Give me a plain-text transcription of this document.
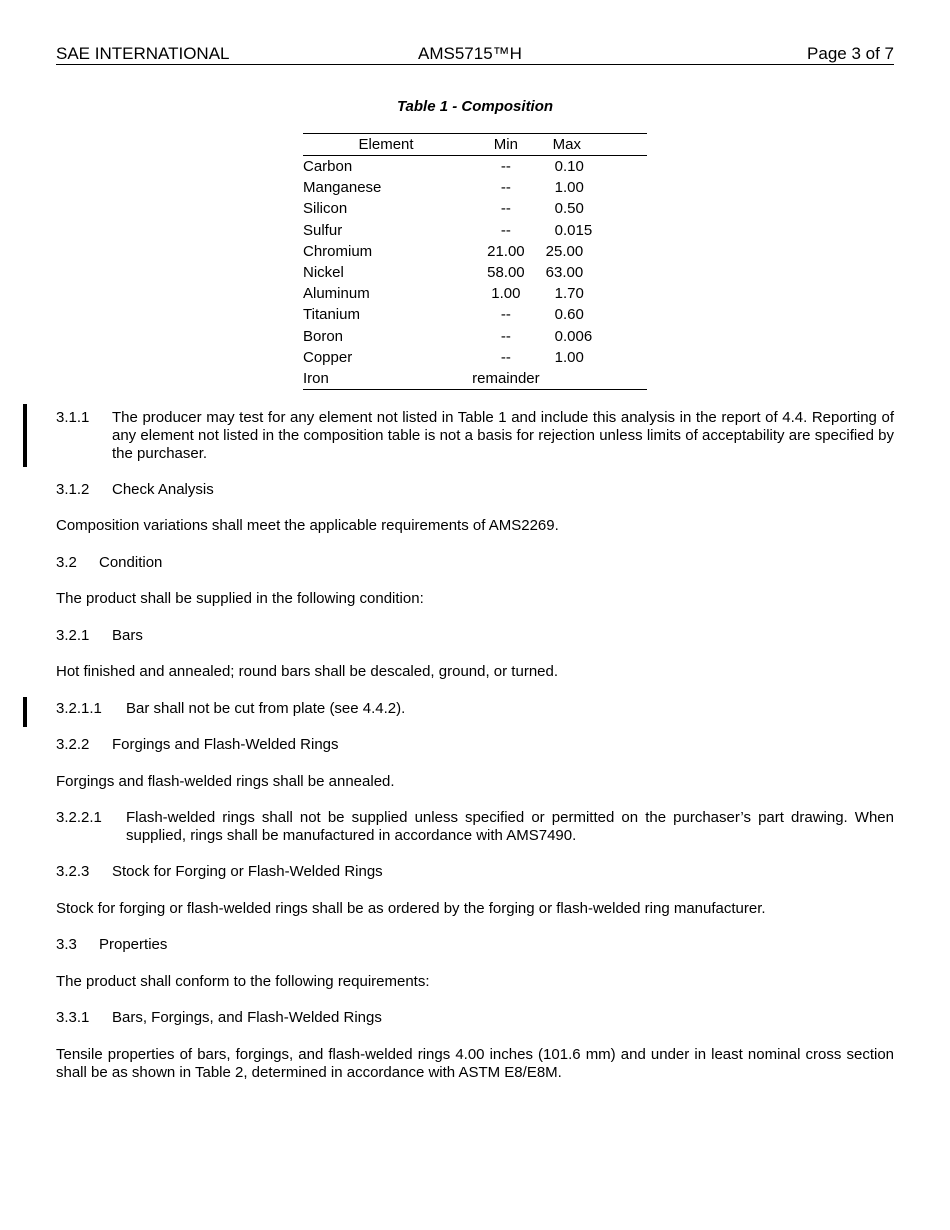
SAE INTERNATIONAL	AMS5715™H	Page 3 of 7
Table 1 - Composition
Element	Min	Max
Carbon	--	0.10
Manganese	--	1.00
Silicon	--	0.50
Sulfur	--	0.015
Chromium	21.00	25.00
Nickel	58.00	63.00
Aluminum	1.00	1.70
Titanium	--	0.60
Boron	--	0.006
Copper	--	1.00
Iron	remainder	
3.1.1	The producer may test for any element not listed in Table 1 and include this analysis in the report of 4.4. Reporting of any element not listed in the composition table is not a basis for rejection unless limits of acceptability are specified by the purchaser.
3.1.2 Check Analysis
Composition variations shall meet the applicable requirements of AMS2269.
3.2 Condition
The product shall be supplied in the following condition:
3.2.1 Bars
Hot finished and annealed; round bars shall be descaled, ground, or turned.
3.2.1.1	Bar shall not be cut from plate (see 4.4.2).
3.2.2 Forgings and Flash-Welded Rings
Forgings and flash-welded rings shall be annealed.
3.2.2.1	Flash-welded rings shall not be supplied unless specified or permitted on the purchaser’s part drawing. When supplied, rings shall be manufactured in accordance with AMS7490.
3.2.3 Stock for Forging or Flash-Welded Rings
Stock for forging or flash-welded rings shall be as ordered by the forging or flash-welded ring manufacturer.
3.3 Properties
The product shall conform to the following requirements:
3.3.1 Bars, Forgings, and Flash-Welded Rings
Tensile properties of bars, forgings, and flash-welded rings 4.00 inches (101.6 mm) and under in least nominal cross section shall be as shown in Table 2, determined in accordance with ASTM E8/E8M.
